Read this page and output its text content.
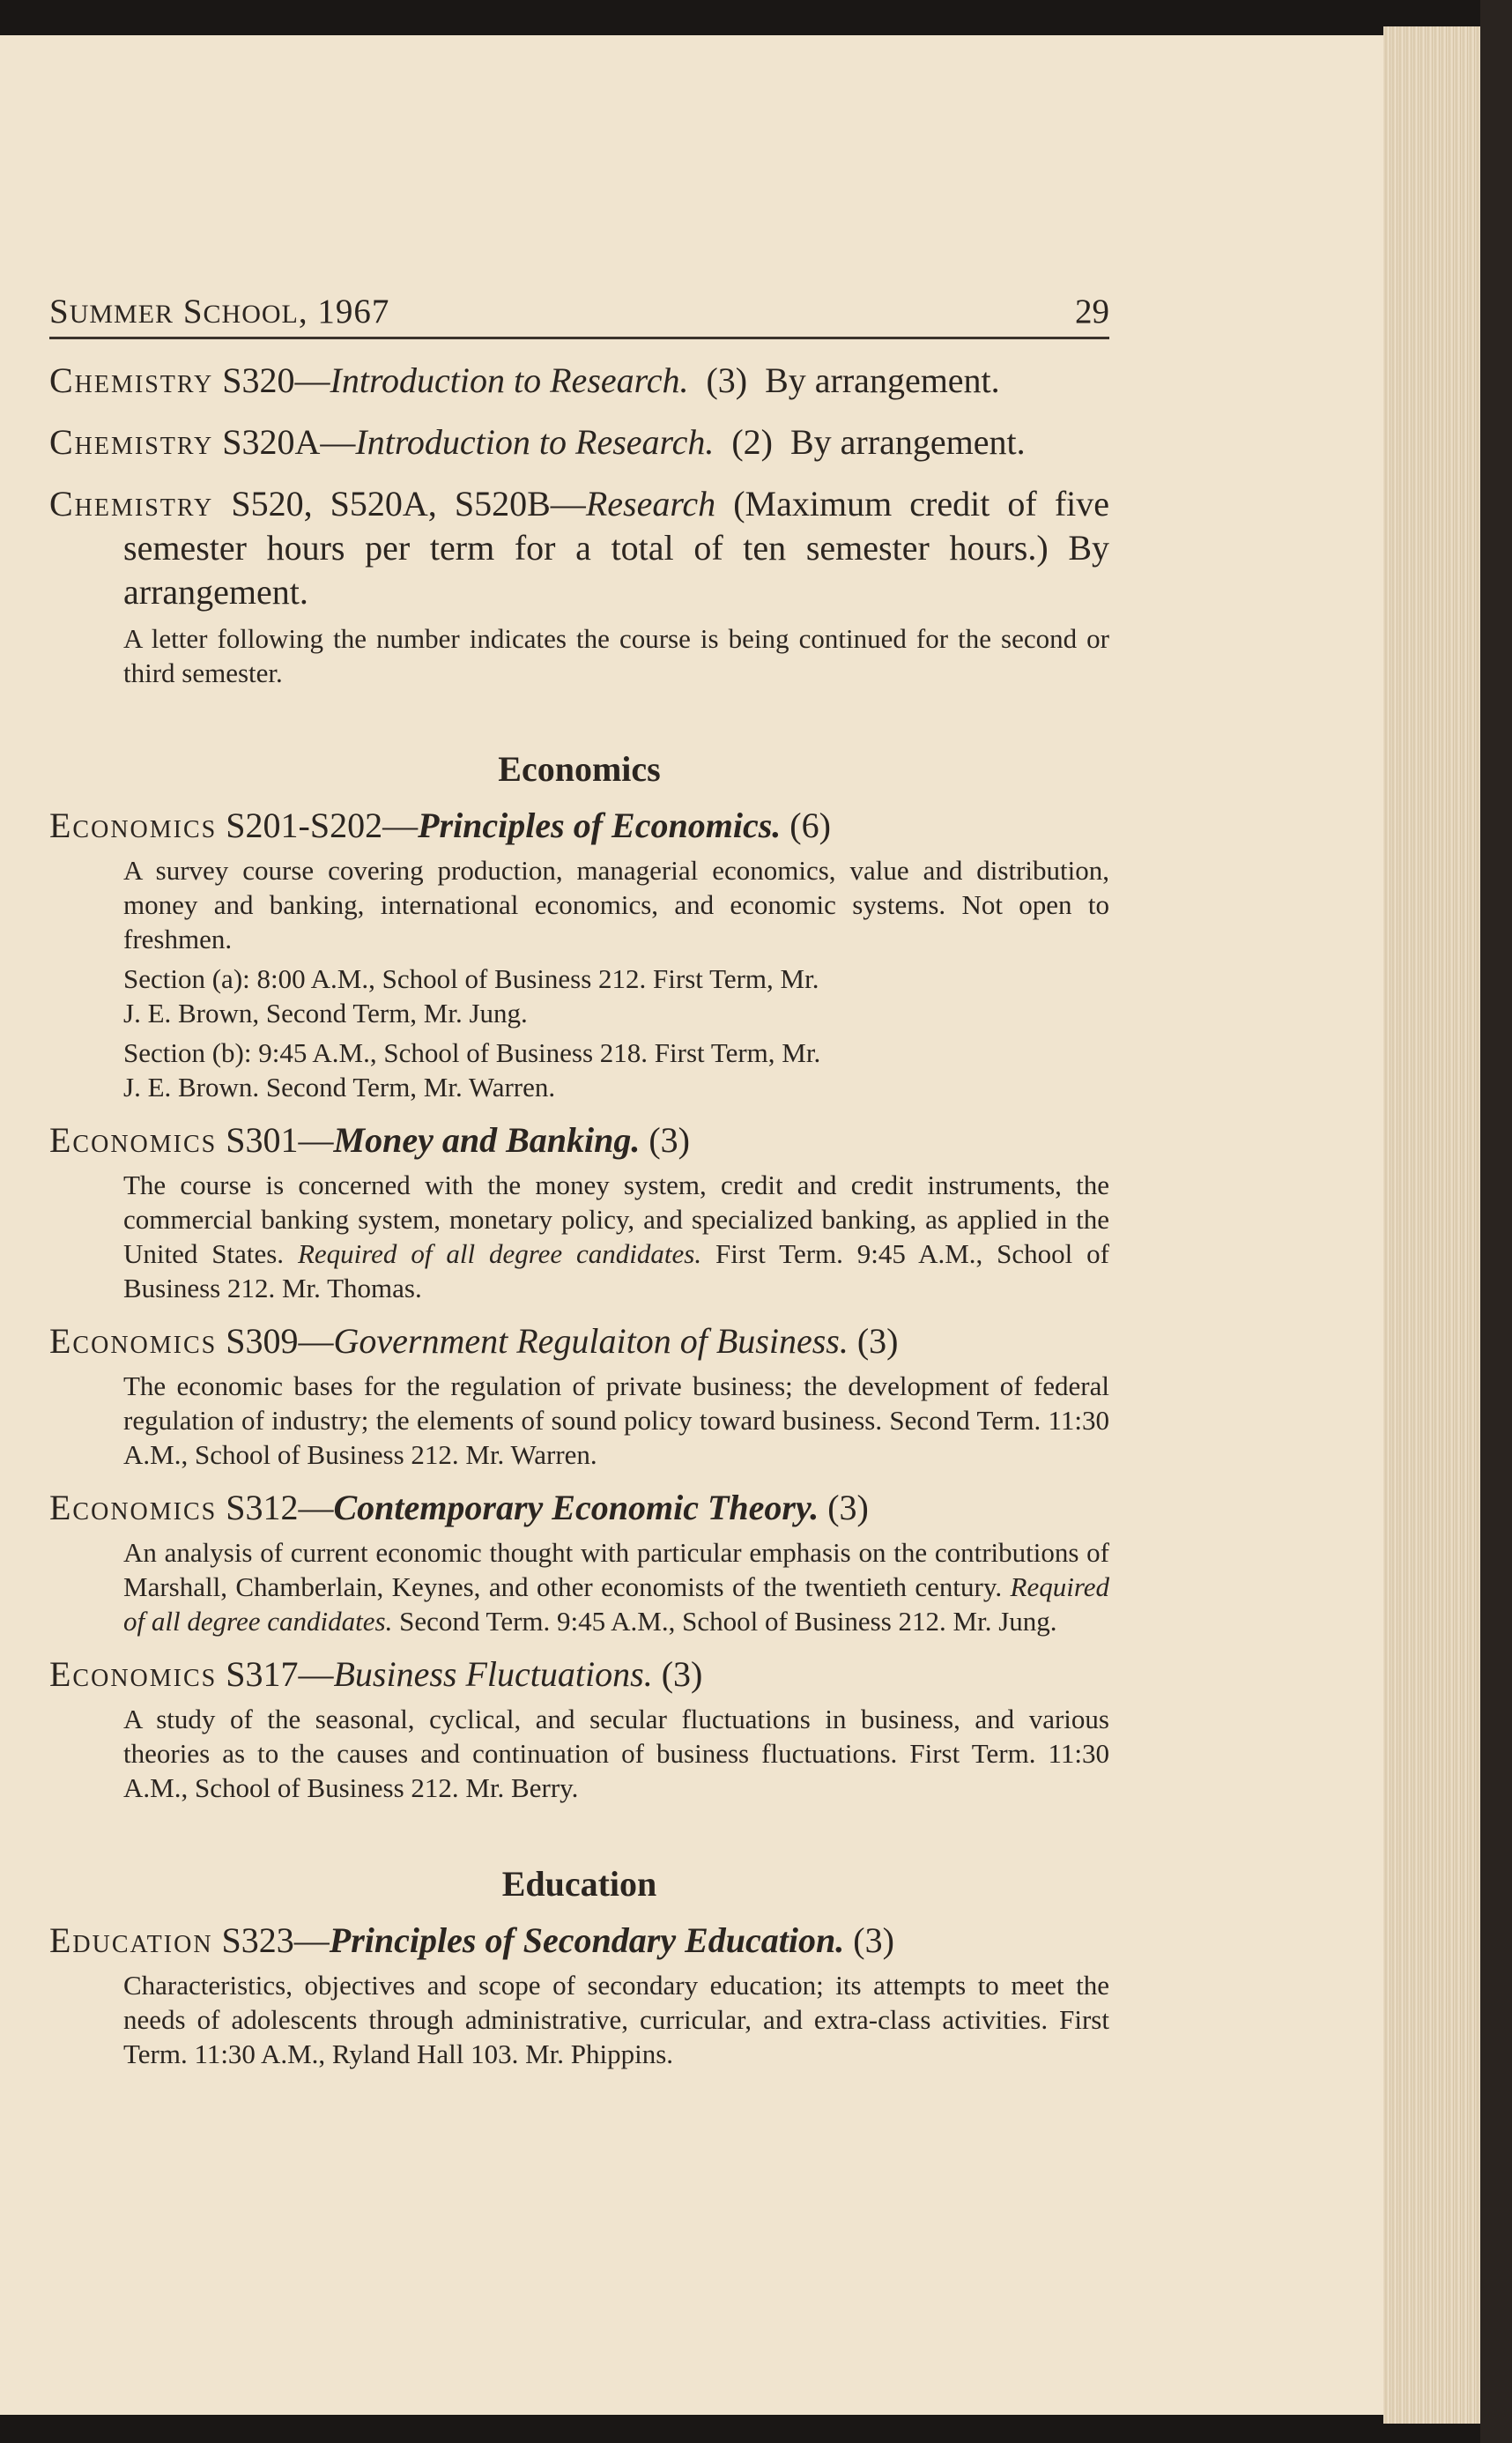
SUMMER SCHOOL, 1967	29
Chemistry S320—Introduction to Research. (3) By arrangement.
Chemistry S320A—Introduction to Research. (2) By arrangement.
Chemistry S520, S520A, S520B—Research (Maximum credit of five semester hours per term for a total of ten semester hours.) By arrangement.
A letter following the number indicates the course is being continued for the second or third semester.
Economics
Economics S201-S202—Principles of Economics. (6)
A survey course covering production, managerial economics, value and distribution, money and banking, international economics, and economic systems. Not open to freshmen.
Section (a): 8:00 A.M., School of Business 212. First Term, Mr.
J. E. Brown, Second Term, Mr. Jung.
Section (b): 9:45 A.M., School of Business 218. First Term, Mr.
J. E. Brown. Second Term, Mr. Warren.
Economics S301—Money and Banking. (3)
The course is concerned with the money system, credit and credit instruments, the commercial banking system, monetary policy, and specialized banking, as applied in the United States. Required of all degree candidates. First Term. 9:45 A.M., School of Business 212. Mr. Thomas.
Economics S309—Government Regulaiton of Business. (3)
The economic bases for the regulation of private business; the development of federal regulation of industry; the elements of sound policy toward business. Second Term. 11:30 A.M., School of Business 212. Mr. Warren.
Economics S312—Contemporary Economic Theory. (3)
An analysis of current economic thought with particular emphasis on the contributions of Marshall, Chamberlain, Keynes, and other economists of the twentieth century. Required of all degree candidates. Second Term. 9:45 A.M., School of Business 212. Mr. Jung.
Economics S317—Business Fluctuations. (3)
A study of the seasonal, cyclical, and secular fluctuations in business, and various theories as to the causes and continuation of business fluctuations. First Term. 11:30 A.M., School of Business 212. Mr. Berry.
Education
Education S323—Principles of Secondary Education. (3)
Characteristics, objectives and scope of secondary education; its attempts to meet the needs of adolescents through administrative, curricular, and extra-class activities. First Term. 11:30 A.M., Ryland Hall 103. Mr. Phippins.
